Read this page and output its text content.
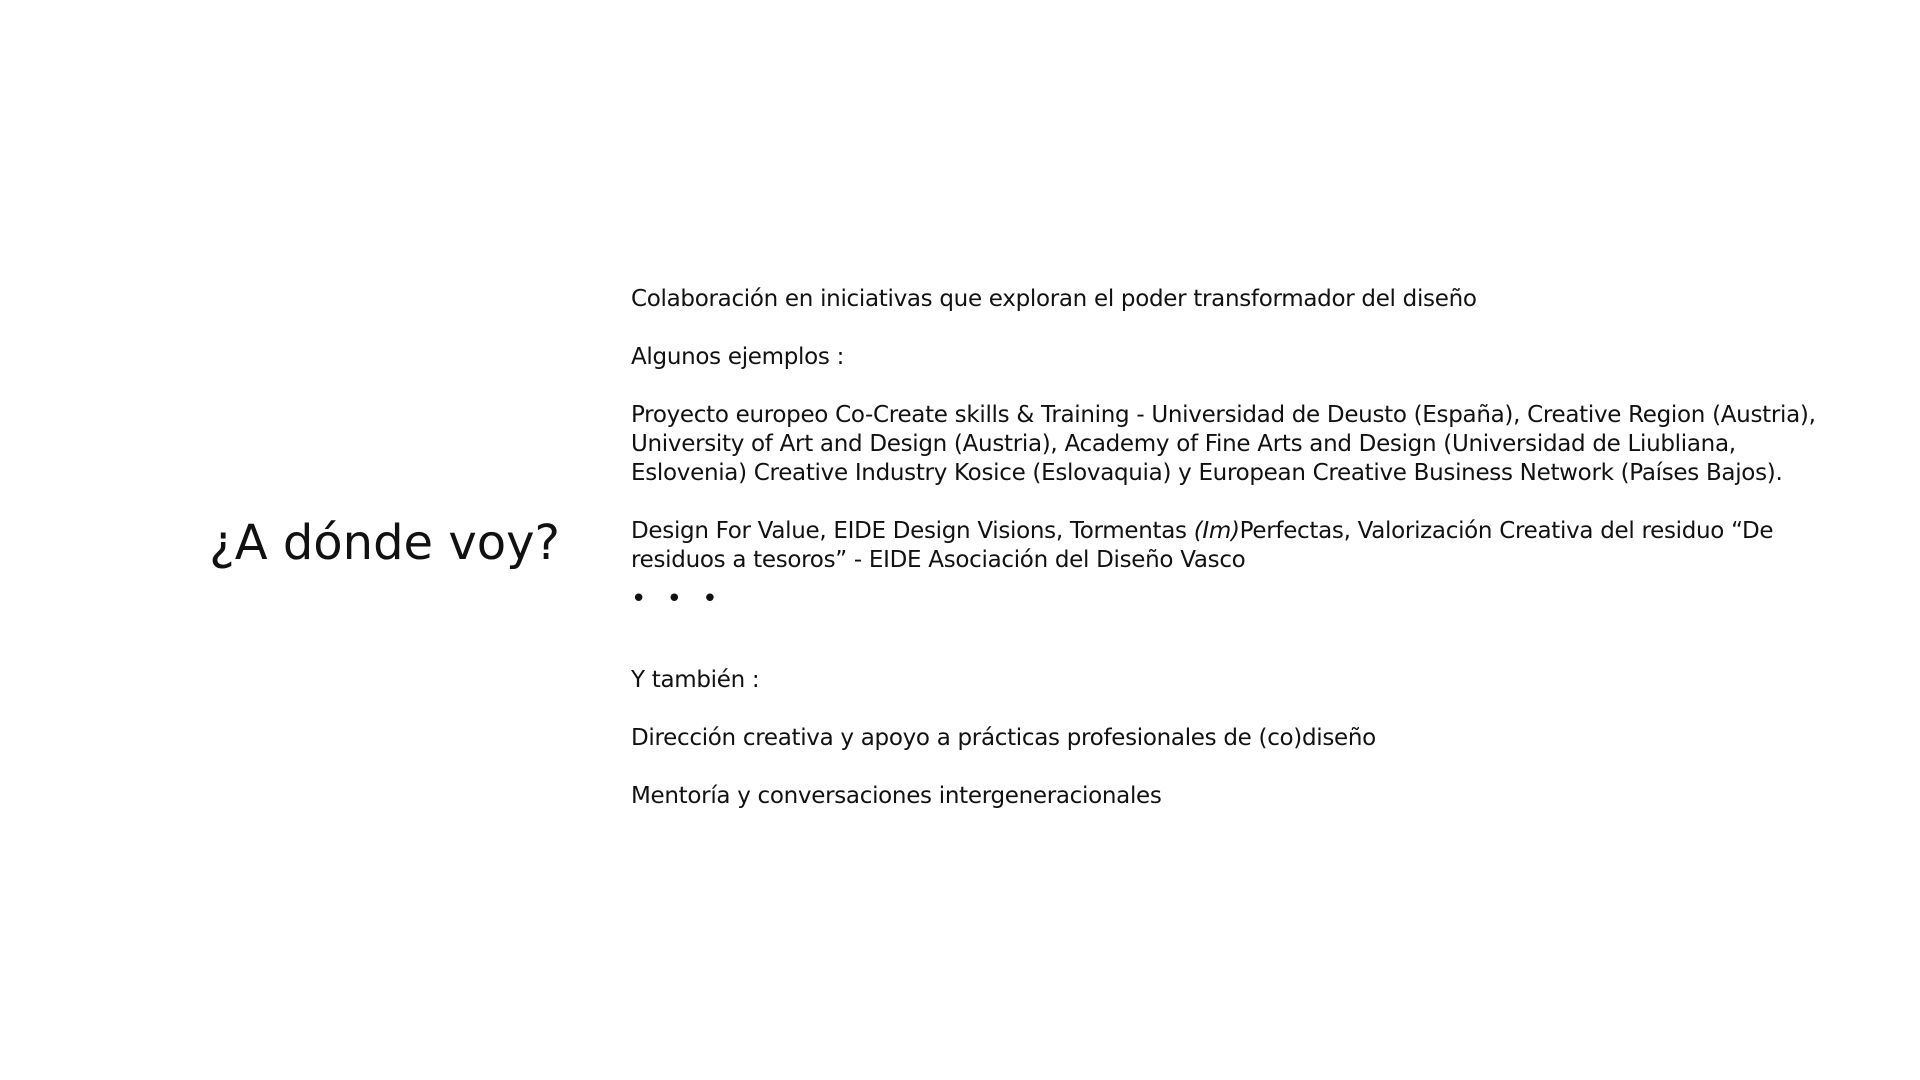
¿A dónde voy?

Colaboración en iniciativas que exploran el poder transformador del diseño

Algunos ejemplos :

Proyecto europeo Co-Create skills & Training - Universidad de Deusto (España), Creative Region (Austria), University of Art and Design (Austria), Academy of Fine Arts and Design (Universidad de Liubliana, Eslovenia) Creative Industry Kosice (Eslovaquia) y European Creative Business Network (Países Bajos).

Design For Value, EIDE Design Visions, Tormentas (Im)Perfectas, Valorización Creativa del residuo “De residuos a tesoros” - EIDE Asociación del Diseño Vasco

• • •

Y también :

Dirección creativa y apoyo a prácticas profesionales de (co)diseño

Mentoría y conversaciones intergeneracionales
